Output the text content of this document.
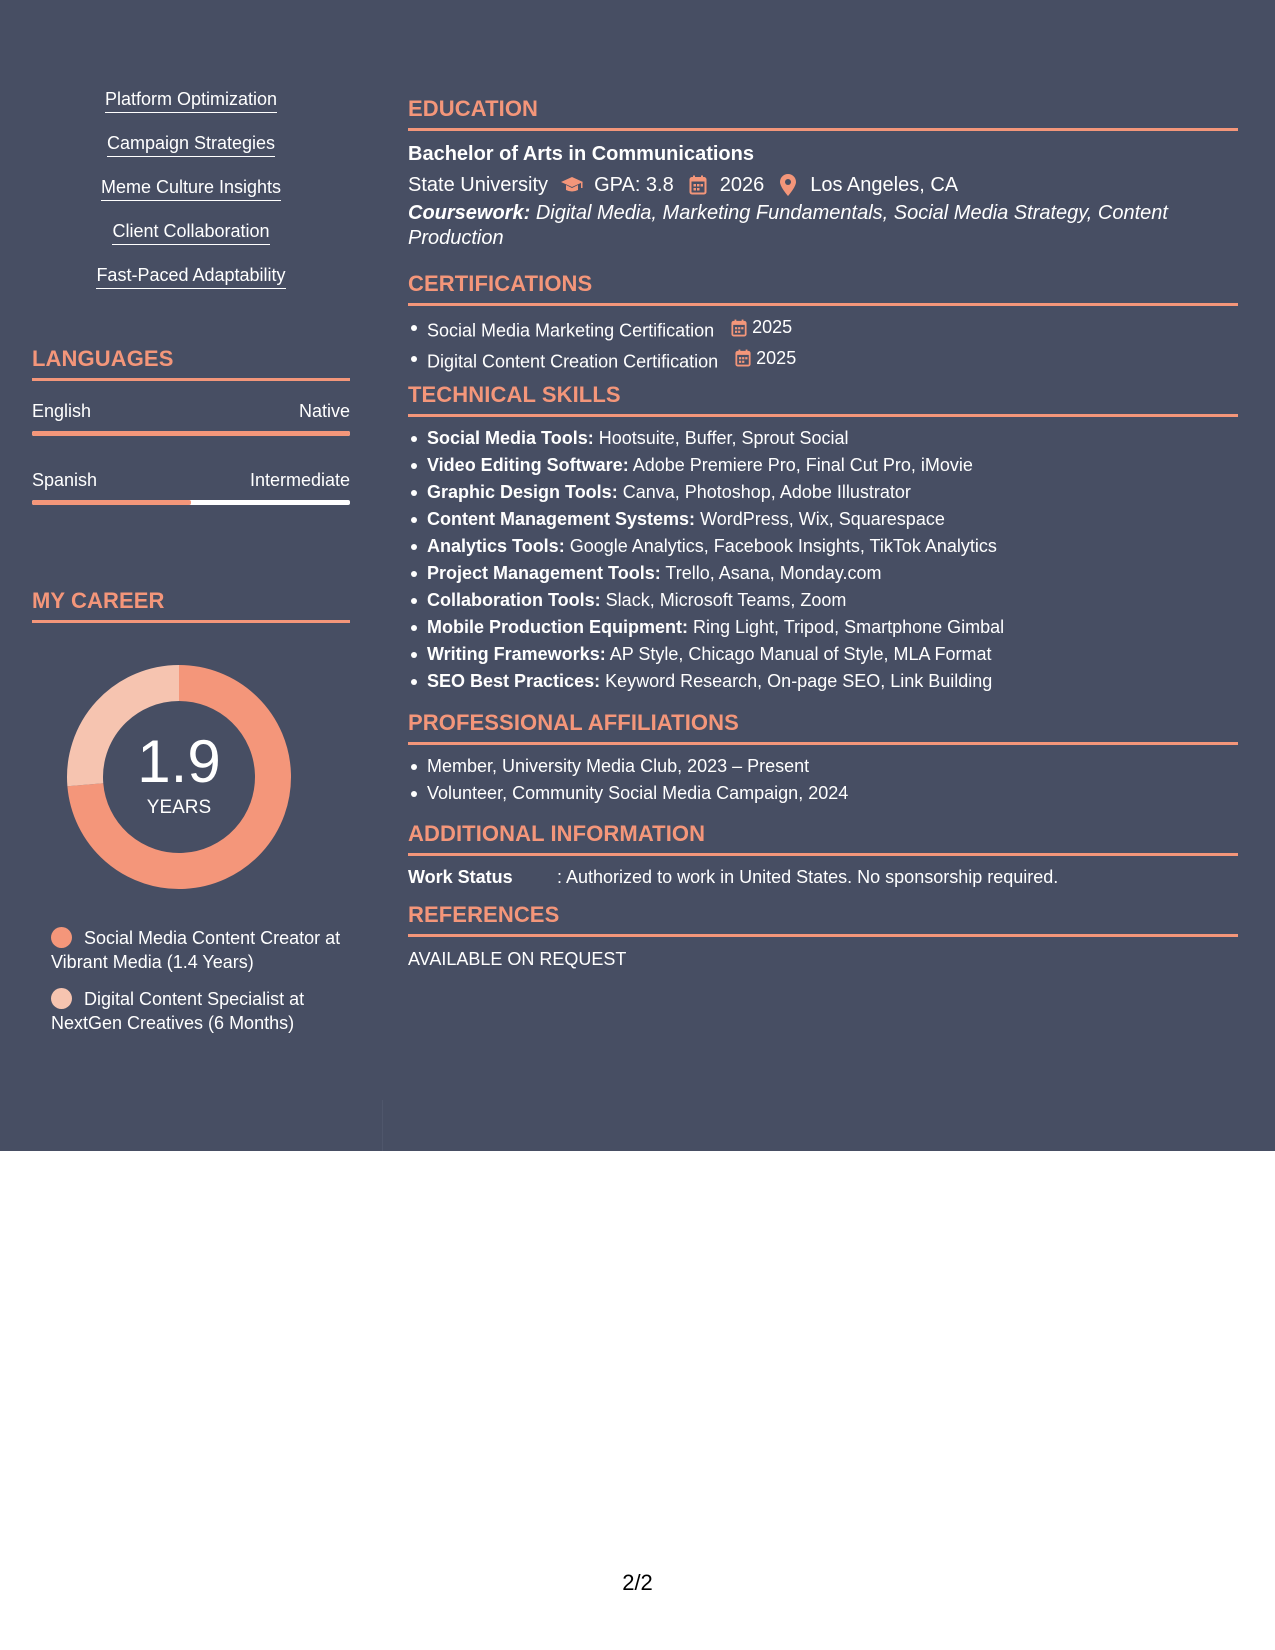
Platform Optimization
Campaign Strategies
Meme Culture Insights
Client Collaboration
Fast-Paced Adaptability
LANGUAGES
English	Native
Spanish	Intermediate
MY CAREER
1.9
YEARS
Social Media Content Creator at Vibrant Media (1.4 Years)
Digital Content Specialist at NextGen Creatives (6 Months)
EDUCATION
Bachelor of Arts in Communications
State University GPA: 3.8 2026 Los Angeles, CA
Coursework: Digital Media, Marketing Fundamentals, Social Media Strategy, Content Production
CERTIFICATIONS
Social Media Marketing Certification 2025
Digital Content Creation Certification 2025
TECHNICAL SKILLS
Social Media Tools: Hootsuite, Buffer, Sprout Social
Video Editing Software: Adobe Premiere Pro, Final Cut Pro, iMovie
Graphic Design Tools: Canva, Photoshop, Adobe Illustrator
Content Management Systems: WordPress, Wix, Squarespace
Analytics Tools: Google Analytics, Facebook Insights, TikTok Analytics
Project Management Tools: Trello, Asana, Monday.com
Collaboration Tools: Slack, Microsoft Teams, Zoom
Mobile Production Equipment: Ring Light, Tripod, Smartphone Gimbal
Writing Frameworks: AP Style, Chicago Manual of Style, MLA Format
SEO Best Practices: Keyword Research, On-page SEO, Link Building
PROFESSIONAL AFFILIATIONS
Member, University Media Club, 2023 – Present
Volunteer, Community Social Media Campaign, 2024
ADDITIONAL INFORMATION
Work Status	: Authorized to work in United States. No sponsorship required.
REFERENCES
AVAILABLE ON REQUEST
2/2
